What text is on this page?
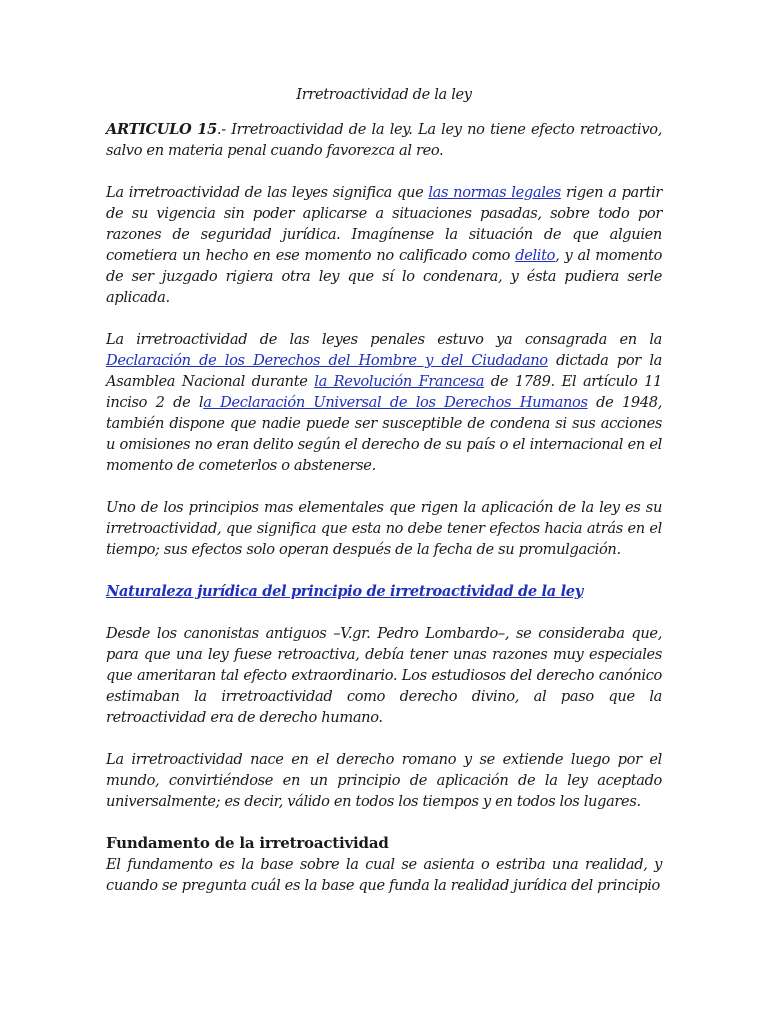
Irretroactividad de la ley

ARTICULO 15.- Irretroactividad de la ley. La ley no tiene efecto retroactivo, salvo en materia penal cuando favorezca al reo.

La irretroactividad de las leyes significa que las normas legales rigen a partir de su vigencia sin poder aplicarse a situaciones pasadas, sobre todo por razones de seguridad jurídica. Imagínense la situación de que alguien cometiera un hecho en ese momento no calificado como delito, y al momento de ser juzgado rigiera otra ley que sí lo condenara, y ésta pudiera serle aplicada.

La irretroactividad de las leyes penales estuvo ya consagrada en la Declaración de los Derechos del Hombre y del Ciudadano dictada por la Asamblea Nacional durante la Revolución Francesa de 1789. El artículo 11 inciso 2 de la Declaración Universal de los Derechos Humanos de 1948, también dispone que nadie puede ser susceptible de condena si sus acciones u omisiones no eran delito según el derecho de su país o el internacional en el momento de cometerlos o abstenerse.

Uno de los principios mas elementales que rigen la aplicación de la ley es su irretroactividad, que significa que esta no debe tener efectos hacia atrás en el tiempo; sus efectos solo operan después de la fecha de su promulgación.

Naturaleza jurídica del principio de irretroactividad de la ley

Desde los canonistas antiguos –V.gr. Pedro Lombardo–, se consideraba que, para que una ley fuese retroactiva, debía tener unas razones muy especiales que ameritaran tal efecto extraordinario. Los estudiosos del derecho canónico estimaban la irretroactividad como derecho divino, al paso que la retroactividad era de derecho humano.

La irretroactividad nace en el derecho romano y se extiende luego por el mundo, convirtiéndose en un principio de aplicación de la ley aceptado universalmente; es decir, válido en todos los tiempos y en todos los lugares.

Fundamento de la irretroactividad

El fundamento es la base sobre la cual se asienta o estriba una realidad, y cuando se pregunta cuál es la base que funda la realidad jurídica del principio
